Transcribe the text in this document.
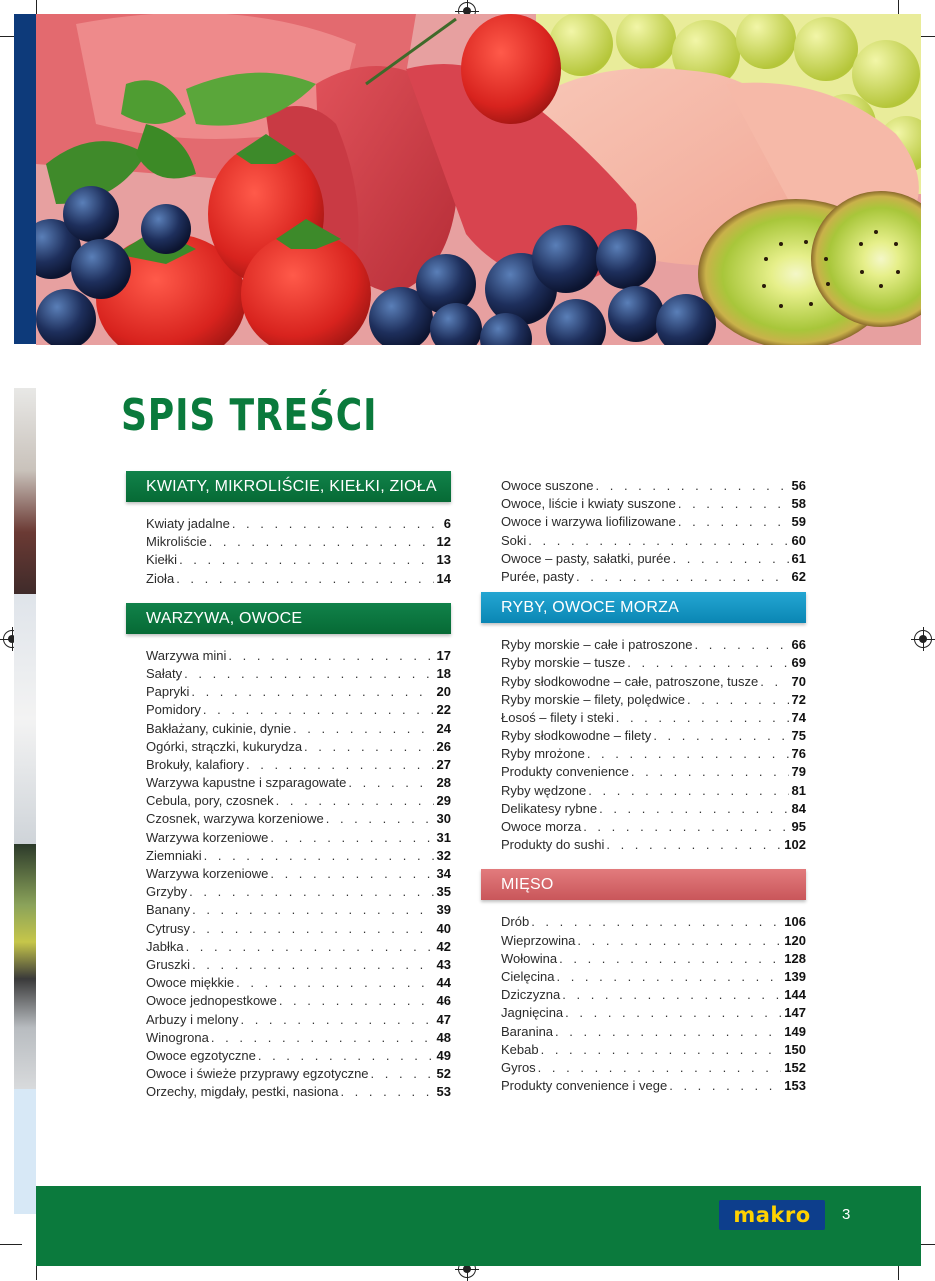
SPIS TREŚCI
KWIATY, MIKROLIŚCIE, KIEŁKI, ZIOŁA
Kwiaty jadalne . . .	6
Mikroliście . . .	12
Kiełki . . .	13
Zioła . . .	14
WARZYWA, OWOCE
Warzywa mini . . .	17
Sałaty . . .	18
Papryki . . .	20
Pomidory . . .	22
Bakłażany, cukinie, dynie . . .	24
Ogórki, strączki, kukurydza . . .	26
Brokuły, kalafiory . . .	27
Warzywa kapustne i szparagowate . . .	28
Cebula, pory, czosnek . . .	29
Czosnek, warzywa korzeniowe . . .	30
Warzywa korzeniowe . . .	31
Ziemniaki . . .	32
Warzywa korzeniowe . . .	34
Grzyby . . .	35
Banany . . .	39
Cytrusy . . .	40
Jabłka . . .	42
Gruszki . . .	43
Owoce miękkie . . .	44
Owoce jednopestkowe . . .	46
Arbuzy i melony . . .	47
Winogrona . . .	48
Owoce egzotyczne . . .	49
Owoce i świeże przyprawy egzotyczne . . .	52
Orzechy, migdały, pestki, nasiona . . .	53
Owoce suszone . . .	56
Owoce, liście i kwiaty suszone . . .	58
Owoce i warzywa liofilizowane . . .	59
Soki . . .	60
Owoce – pasty, sałatki, purée . . .	61
Purée, pasty . . .	62
RYBY, OWOCE MORZA
Ryby morskie – całe i patroszone . . .	66
Ryby morskie – tusze . . .	69
Ryby słodkowodne – całe, patroszone, tusze . . .	70
Ryby morskie – filety, polędwice . . .	72
Łosoś – filety i steki . . .	74
Ryby słodkowodne – filety . . .	75
Ryby mrożone . . .	76
Produkty convenience . . .	79
Ryby wędzone . . .	81
Delikatesy rybne . . .	84
Owoce morza . . .	95
Produkty do sushi . . .	102
MIĘSO
Drób . . .	106
Wieprzowina . . .	120
Wołowina . . .	128
Cielęcina . . .	139
Dziczyzna . . .	144
Jagnięcina . . .	147
Baranina . . .	149
Kebab . . .	150
Gyros . . .	152
Produkty convenience i vege . . .	153
makro 3
